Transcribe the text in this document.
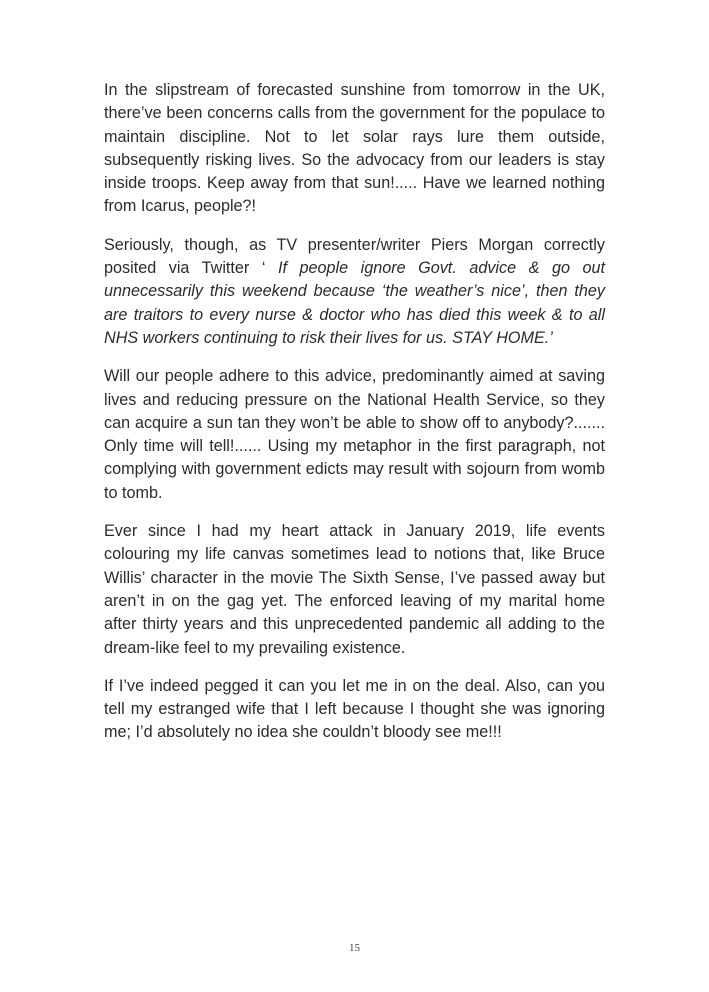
In the slipstream of forecasted sunshine from tomorrow in the UK, there’ve been concerns calls from the government for the populace to maintain discipline. Not to let solar rays lure them outside, subsequently risking lives. So the advocacy from our leaders is stay inside troops. Keep away from that sun!..... Have we learned nothing from Icarus, people?!

Seriously, though, as TV presenter/writer Piers Morgan correctly posited via Twitter ‘ If people ignore Govt. advice & go out unnecessarily this weekend because ‘the weather’s nice’, then they are traitors to every nurse & doctor who has died this week & to all NHS workers continuing to risk their lives for us. STAY HOME.’

Will our people adhere to this advice, predominantly aimed at saving lives and reducing pressure on the National Health Service, so they can acquire a sun tan they won’t be able to show off to anybody?....... Only time will tell!...... Using my metaphor in the first paragraph, not complying with government edicts may result with sojourn from womb to tomb.

Ever since I had my heart attack in January 2019, life events colouring my life canvas sometimes lead to notions that, like Bruce Willis’ character in the movie The Sixth Sense, I’ve passed away but aren’t in on the gag yet. The enforced leaving of my marital home after thirty years and this unprecedented pandemic all adding to the dream-like feel to my prevailing existence.

If I’ve indeed pegged it can you let me in on the deal. Also, can you tell my estranged wife that I left because I thought she was ignoring me; I’d absolutely no idea she couldn’t bloody see me!!!

15
